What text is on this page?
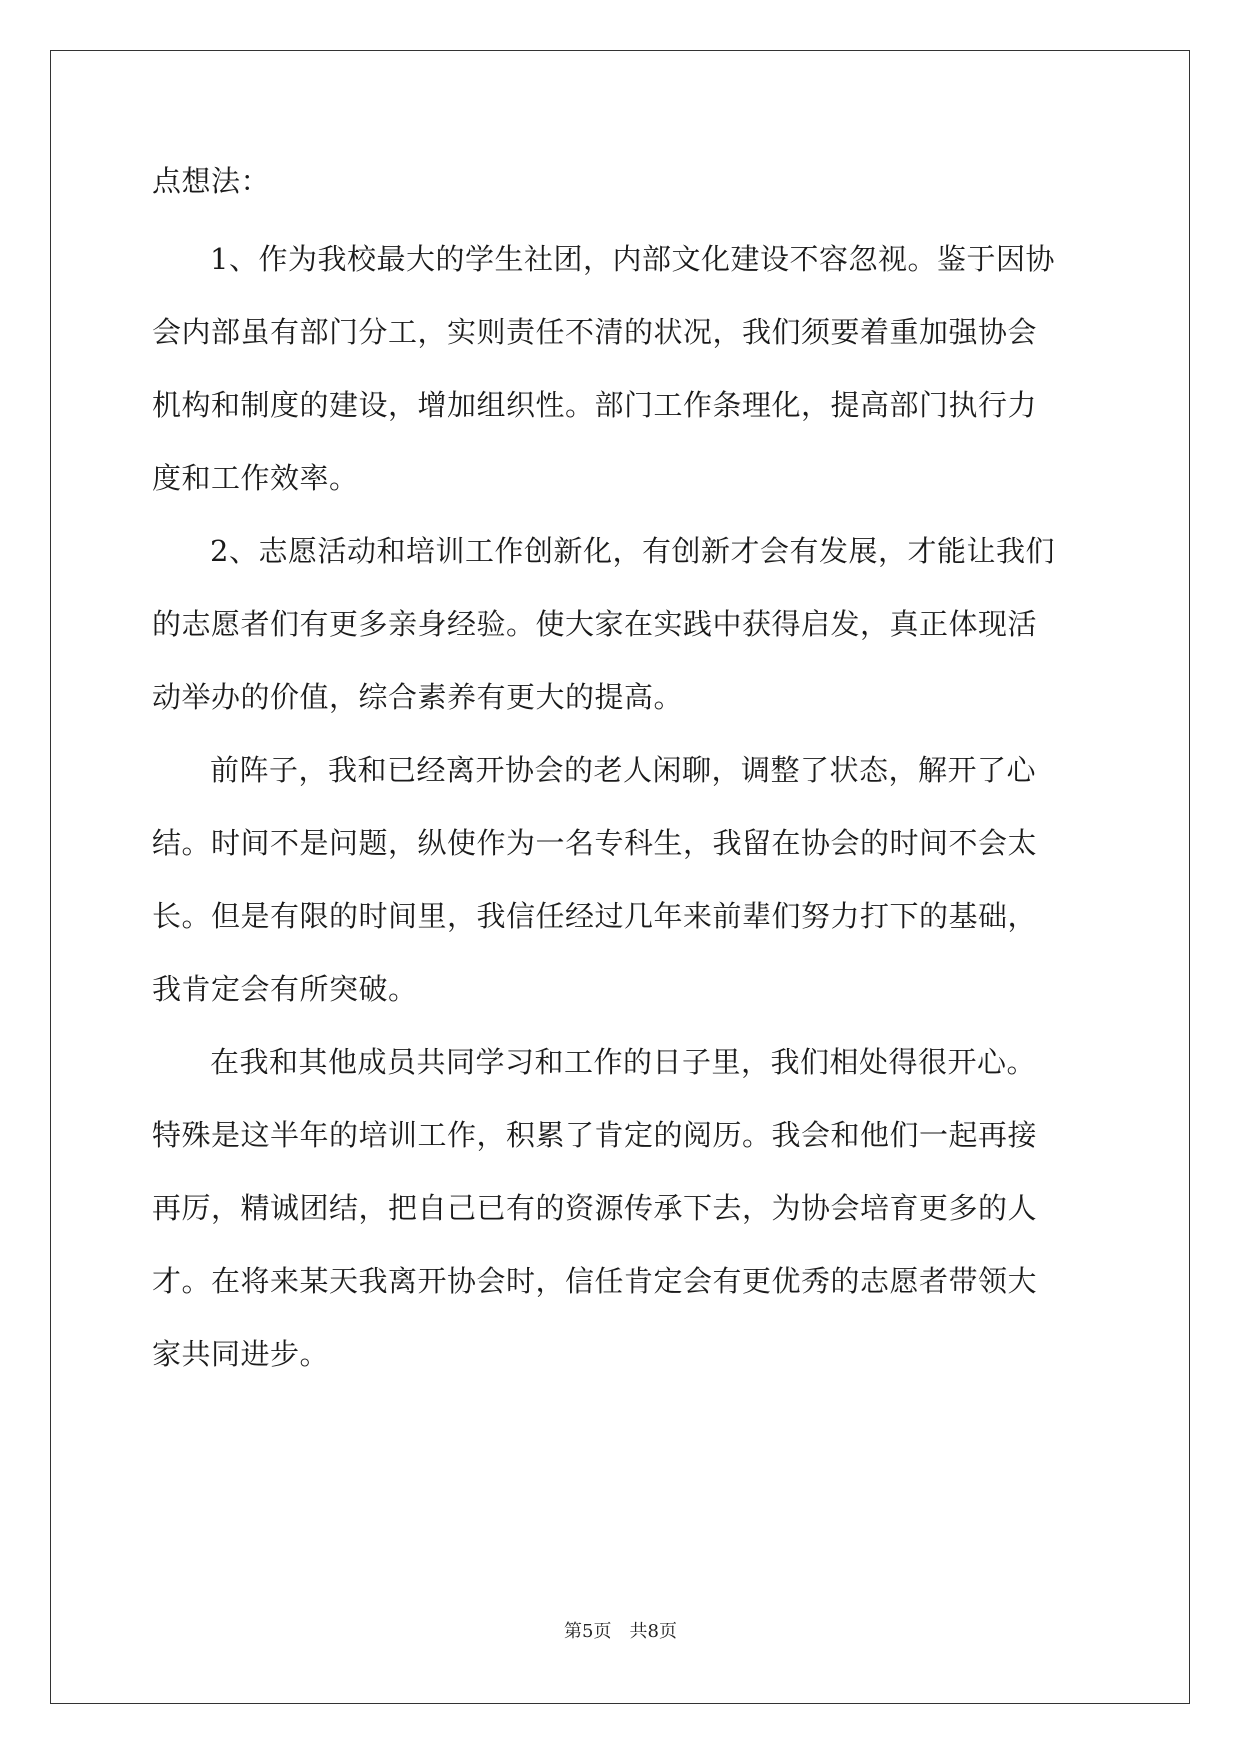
点想法：
1、作为我校最大的学生社团，内部文化建设不容忽视。鉴于因协
会内部虽有部门分工，实则责任不清的状况，我们须要着重加强协会
机构和制度的建设，增加组织性。部门工作条理化，提高部门执行力
度和工作效率。
2、志愿活动和培训工作创新化，有创新才会有发展，才能让我们
的志愿者们有更多亲身经验。使大家在实践中获得启发，真正体现活
动举办的价值，综合素养有更大的提高。
前阵子，我和已经离开协会的老人闲聊，调整了状态，解开了心
结。时间不是问题，纵使作为一名专科生，我留在协会的时间不会太
长。但是有限的时间里，我信任经过几年来前辈们努力打下的基础，
我肯定会有所突破。
在我和其他成员共同学习和工作的日子里，我们相处得很开心。
特殊是这半年的培训工作，积累了肯定的阅历。我会和他们一起再接
再厉，精诚团结，把自己已有的资源传承下去，为协会培育更多的人
才。在将来某天我离开协会时，信任肯定会有更优秀的志愿者带领大
家共同进步。
第5页　共8页
